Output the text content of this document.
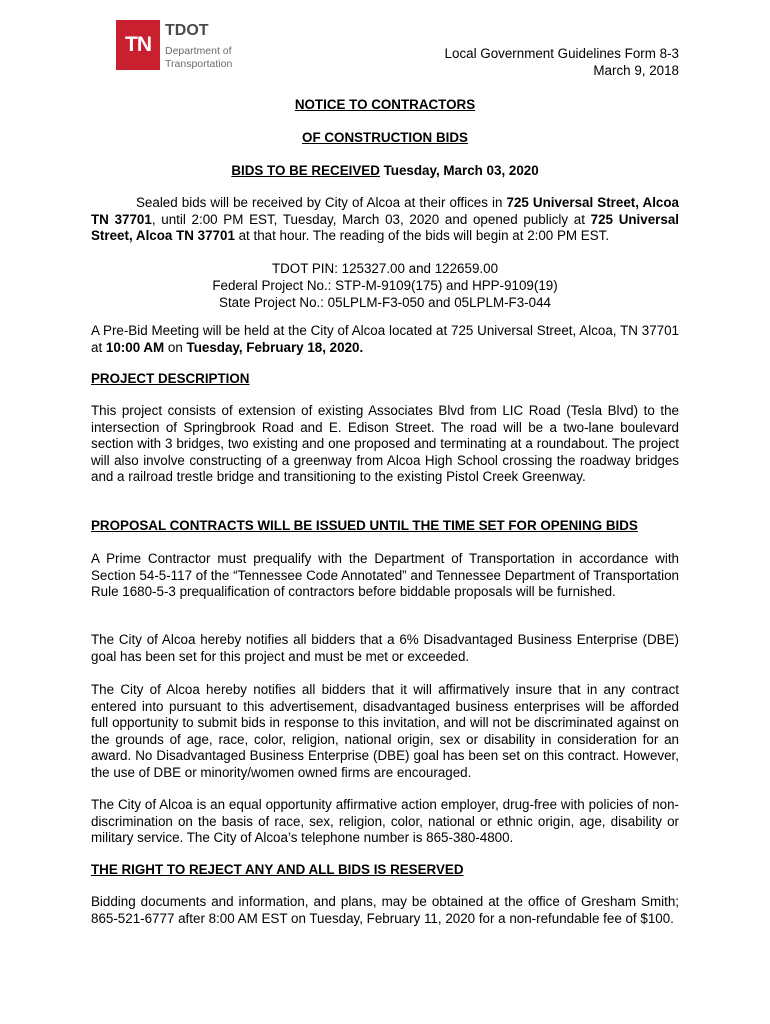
TN
TDOT
Department of
Transportation
Local Government Guidelines Form 8-3
March 9, 2018
NOTICE TO CONTRACTORS
OF CONSTRUCTION BIDS
BIDS TO BE RECEIVED Tuesday, March 03, 2020

Sealed bids will be received by City of Alcoa at their offices in 725 Universal Street, Alcoa TN 37701, until 2:00 PM EST, Tuesday, March 03, 2020 and opened publicly at 725 Universal Street, Alcoa TN 37701 at that hour. The reading of the bids will begin at 2:00 PM EST.

TDOT PIN: 125327.00 and 122659.00
Federal Project No.: STP-M-9109(175) and HPP-9109(19)
State Project No.: 05LPLM-F3-050 and 05LPLM-F3-044

A Pre-Bid Meeting will be held at the City of Alcoa located at 725 Universal Street, Alcoa, TN 37701 at 10:00 AM on Tuesday, February 18, 2020.

PROJECT DESCRIPTION

This project consists of extension of existing Associates Blvd from LIC Road (Tesla Blvd) to the intersection of Springbrook Road and E. Edison Street. The road will be a two-lane boulevard section with 3 bridges, two existing and one proposed and terminating at a roundabout. The project will also involve constructing of a greenway from Alcoa High School crossing the roadway bridges and a railroad trestle bridge and transitioning to the existing Pistol Creek Greenway.

PROPOSAL CONTRACTS WILL BE ISSUED UNTIL THE TIME SET FOR OPENING BIDS

A Prime Contractor must prequalify with the Department of Transportation in accordance with Section 54-5-117 of the “Tennessee Code Annotated” and Tennessee Department of Transportation Rule 1680-5-3 prequalification of contractors before biddable proposals will be furnished.

The City of Alcoa hereby notifies all bidders that a 6% Disadvantaged Business Enterprise (DBE) goal has been set for this project and must be met or exceeded.

The City of Alcoa hereby notifies all bidders that it will affirmatively insure that in any contract entered into pursuant to this advertisement, disadvantaged business enterprises will be afforded full opportunity to submit bids in response to this invitation, and will not be discriminated against on the grounds of age, race, color, religion, national origin, sex or disability in consideration for an award. No Disadvantaged Business Enterprise (DBE) goal has been set on this contract. However, the use of DBE or minority/women owned firms are encouraged.

The City of Alcoa is an equal opportunity affirmative action employer, drug-free with policies of non-discrimination on the basis of race, sex, religion, color, national or ethnic origin, age, disability or military service. The City of Alcoa’s telephone number is 865-380-4800.

THE RIGHT TO REJECT ANY AND ALL BIDS IS RESERVED

Bidding documents and information, and plans, may be obtained at the office of Gresham Smith; 865-521-6777 after 8:00 AM EST on Tuesday, February 11, 2020 for a non-refundable fee of $100.
